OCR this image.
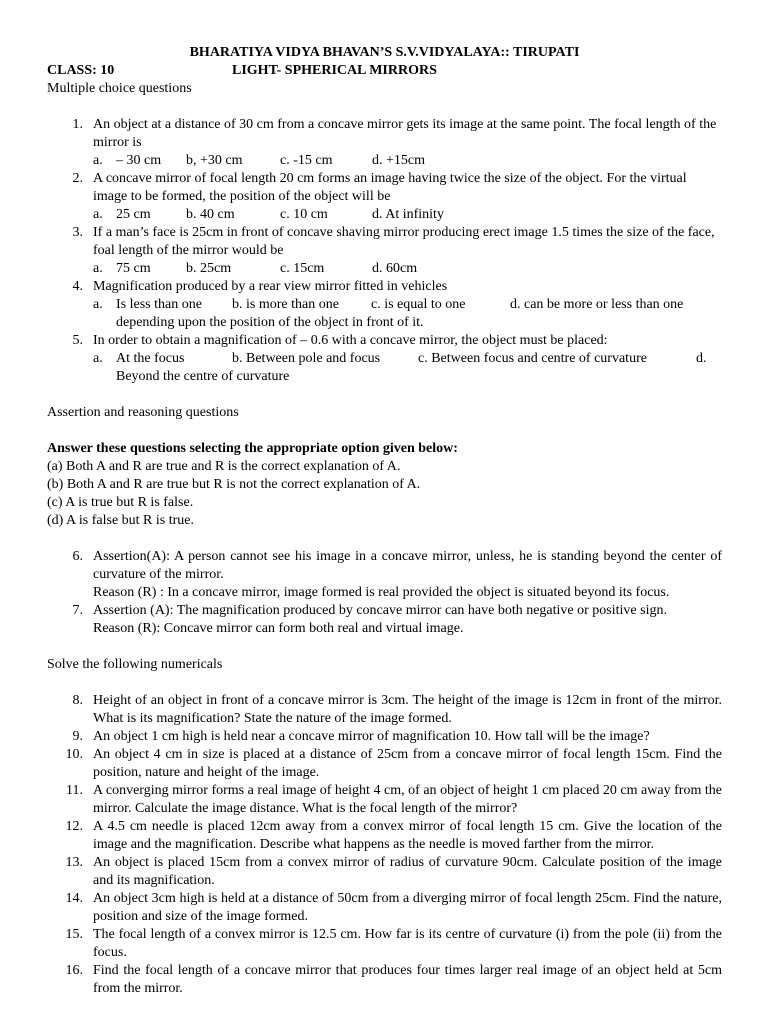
BHARATIYA VIDYA BHAVAN’S S.V.VIDYALAYA:: TIRUPATI

CLASS: 10	LIGHT- SPHERICAL MIRRORS

Multiple choice questions

1. An object at a distance of 30 cm from a concave mirror gets its image at the same point. The focal length of the mirror is
a. – 30 cm b, +30 cm	c. -15 cm	d. +15cm
2. A concave mirror of focal length 20 cm forms an image having twice the size of the object. For the virtual image to be formed, the position of the object will be
a. 25 cm	b. 40 cm	c. 10 cm	d. At infinity
3. If a man’s face is 25cm in front of concave shaving mirror producing erect image 1.5 times the size of the face, foal length of the mirror would be
a. 75 cm	b. 25cm	c. 15cm	d. 60cm
4. Magnification produced by a rear view mirror fitted in vehicles
a. Is less than one b. is more than one c. is equal to one	d. can be more or less than one
depending upon the position of the object in front of it.
5. In order to obtain a magnification of – 0.6 with a concave mirror, the object must be placed:
a. At the focus	b. Between pole and focus	c. Between focus and centre of curvature	d.
Beyond the centre of curvature

Assertion and reasoning questions

Answer these questions selecting the appropriate option given below:

(a) Both A and R are true and R is the correct explanation of A.

(b) Both A and R are true but R is not the correct explanation of A.

(c) A is true but R is false.

(d) A is false but R is true.

6. Assertion(A): A person cannot see his image in a concave mirror, unless, he is standing beyond the center of curvature of the mirror.
Reason (R) : In a concave mirror, image formed is real provided the object is situated beyond its focus.
7. Assertion (A): The magnification produced by concave mirror can have both negative or positive sign.
Reason (R): Concave mirror can form both real and virtual image.

Solve the following numericals

8. Height of an object in front of a concave mirror is 3cm. The height of the image is 12cm in front of the mirror. What is its magnification? State the nature of the image formed.
9. An object 1 cm high is held near a concave mirror of magnification 10. How tall will be the image?
10. An object 4 cm in size is placed at a distance of 25cm from a concave mirror of focal length 15cm. Find the position, nature and height of the image.
11. A converging mirror forms a real image of height 4 cm, of an object of height 1 cm placed 20 cm away from the mirror. Calculate the image distance. What is the focal length of the mirror?
12. A 4.5 cm needle is placed 12cm away from a convex mirror of focal length 15 cm. Give the location of the image and the magnification. Describe what happens as the needle is moved farther from the mirror.
13. An object is placed 15cm from a convex mirror of radius of curvature 90cm. Calculate position of the image and its magnification.
14. An object 3cm high is held at a distance of 50cm from a diverging mirror of focal length 25cm. Find the nature, position and size of the image formed.
15. The focal length of a convex mirror is 12.5 cm. How far is its centre of curvature (i) from the pole (ii) from the focus.
16. Find the focal length of a concave mirror that produces four times larger real image of an object held at 5cm from the mirror.
